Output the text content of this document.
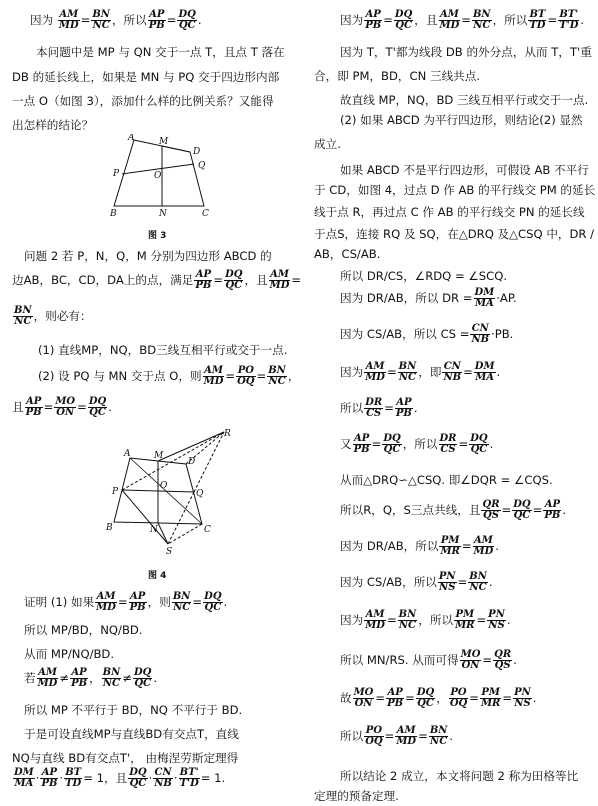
因为 $\frac{AM}{MD} = \frac{BN}{NC}$ ，所以 $\frac{AP}{PB} = \frac{DQ}{QC}$ .
本问题中是 MP 与 QN 交于一点 T，且点 T 落在
DB 的延长线上，如果是 MN 与 PQ 交于四边形内部
一点 O（如图 3），添加什么样的比例关系？又能得
出怎样的结论？
A	M
D
P
Q
O
B	N	C
图 3
问题 2 若 P，N，Q，M 分别为四边形 ABCD 的
边AB，BC，CD，DA上的点，满足 $\frac{AP}{PB} = \frac{DQ}{QC}$ ，且 $\frac{AM}{MD}$ =
$\frac{BN}{NC}$ ，则必有：
(1) 直线MP，NQ，BD三线互相平行或交于一点.
(2) 设 PQ 与 MN 交于点 O，则 $\frac{AM}{MD} = \frac{PO}{OQ} = \frac{BN}{NC}$ ，
且 $\frac{AP}{PB} = \frac{MO}{ON} = \frac{DQ}{QC}$ .
R
A	M
D
P
O
Q
B	N	C
S
图 4
证明 (1) 如果 $\frac{AM}{MD} = \frac{AP}{PB}$ ，则 $\frac{BN}{NC} = \frac{DQ}{QC}$ .
所以 MP/BD，NQ/BD.
从而 MP/NQ/BD.
若 $\frac{AM}{MD} \ne \frac{AP}{PB}$ ， $\frac{BN}{NC} \ne \frac{DQ}{QC}$ .
所以 MP 不平行于 BD，NQ 不平行于 BD.
于是可设直线MP与直线BD有交点T，直线
NQ与直线 BD有交点T'， 由梅涅劳斯定理得
$\frac{DM}{MA} \cdot \frac{AP}{PB} \cdot \frac{BT}{TD} = 1$，且 $\frac{DQ}{QC} \cdot \frac{CN}{NB} \cdot \frac{BT'}{T'D} = 1$.
因为 $\frac{AP}{PB} = \frac{DQ}{QC}$ ，且 $\frac{AM}{MD} = \frac{BN}{NC}$ ，所以 $\frac{BT}{TD} = \frac{BT'}{T'D}$ .
因为 T，T'都为线段 DB 的外分点，从而 T，T'重
合，即 PM，BD，CN 三线共点.
故直线 MP，NQ，BD 三线互相平行或交于一点.
(2) 如果 ABCD 为平行四边形，则结论(2) 显然
成立.
如果 ABCD 不是平行四边形，可假设 AB 不平行
于 CD，如图 4，过点 D 作 AB 的平行线交 PM 的延长
线于点 R，再过点 C 作 AB 的平行线交 PN 的延长线
于点S，连接 RQ 及 SQ，在△DRQ 及△CSQ 中，DR /
AB，CS/AB.
所以 DR/CS，∠RDQ = ∠SCQ.
因为 DR/AB，所以 DR = $\frac{DM}{MA} \cdot AP$.
因为 CS/AB，所以 CS = $\frac{CN}{NB} \cdot PB$.
因为 $\frac{AM}{MD} = \frac{BN}{NC}$ ，即 $\frac{CN}{NB} = \frac{DM}{MA}$ .
所以 $\frac{DR}{CS} = \frac{AP}{PB}$ .
又 $\frac{AP}{PB} = \frac{DQ}{QC}$ ，所以 $\frac{DR}{CS} = \frac{DQ}{QC}$ .
从而△DRQ∽△CSQ. 即∠DQR = ∠CQS.
所以R，Q，S三点共线，且 $\frac{QR}{QS} = \frac{DQ}{QC} = \frac{AP}{PB}$ .
因为 DR/AB，所以 $\frac{PM}{MR} = \frac{AM}{MD}$ .
因为 CS/AB，所以 $\frac{PN}{NS} = \frac{BN}{NC}$ .
因为 $\frac{AM}{MD} = \frac{BN}{NC}$ ，所以 $\frac{PM}{MR} = \frac{PN}{NS}$ .
所以 MN/RS. 从而可得 $\frac{MO}{ON} = \frac{QR}{QS}$ .
故 $\frac{MO}{ON} = \frac{AP}{PB} = \frac{DQ}{QC}$ ， $\frac{PO}{OQ} = \frac{PM}{MR} = \frac{PN}{NS}$ .
所以 $\frac{PO}{OQ} = \frac{AM}{MD} = \frac{BN}{NC}$ .
所以结论 2 成立，本文将问题 2 称为田格等比
定理的预备定理.
